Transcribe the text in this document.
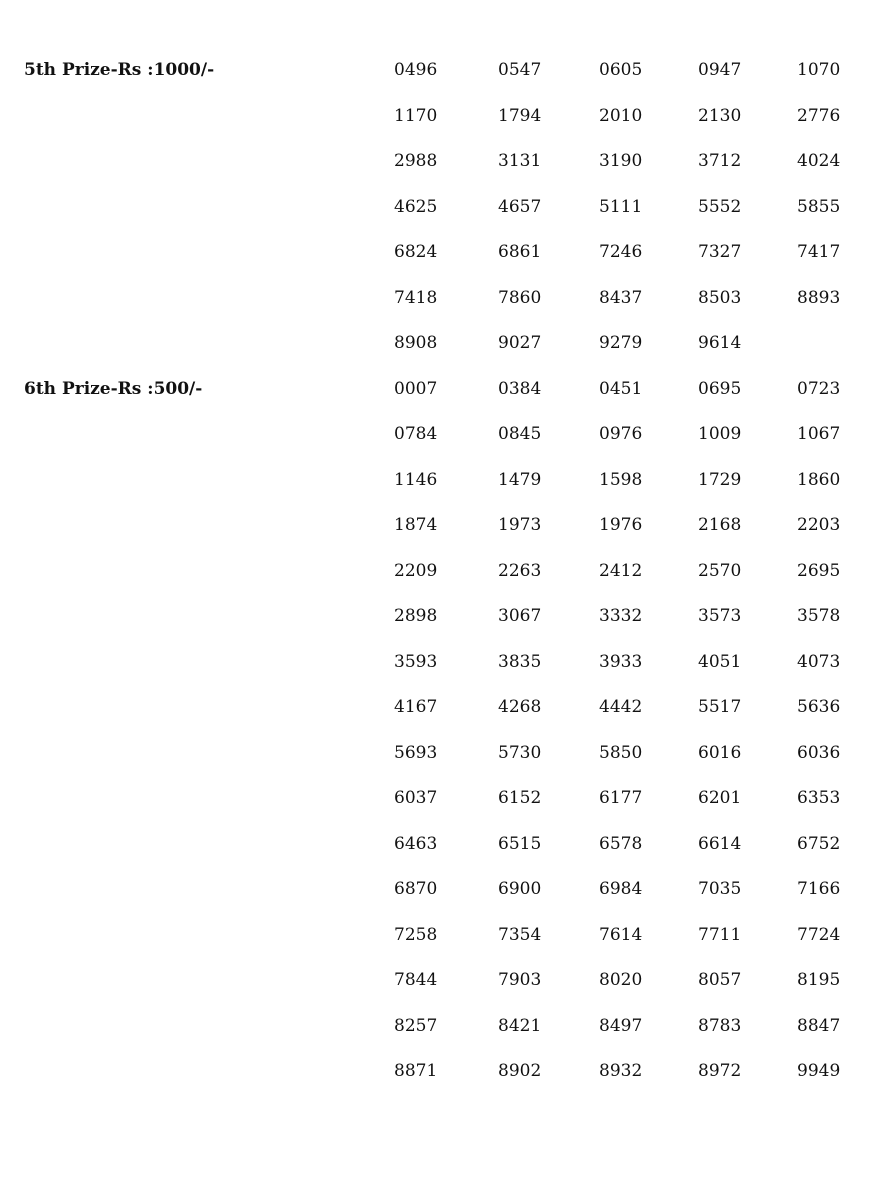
5th Prize-Rs :1000/-	0496	0547	0605	0947	1070
1170	1794	2010	2130	2776
2988	3131	3190	3712	4024
4625	4657	5111	5552	5855
6824	6861	7246	7327	7417
7418	7860	8437	8503	8893
8908	9027	9279	9614
6th Prize-Rs :500/-	0007	0384	0451	0695	0723
0784	0845	0976	1009	1067
1146	1479	1598	1729	1860
1874	1973	1976	2168	2203
2209	2263	2412	2570	2695
2898	3067	3332	3573	3578
3593	3835	3933	4051	4073
4167	4268	4442	5517	5636
5693	5730	5850	6016	6036
6037	6152	6177	6201	6353
6463	6515	6578	6614	6752
6870	6900	6984	7035	7166
7258	7354	7614	7711	7724
7844	7903	8020	8057	8195
8257	8421	8497	8783	8847
8871	8902	8932	8972	9949
